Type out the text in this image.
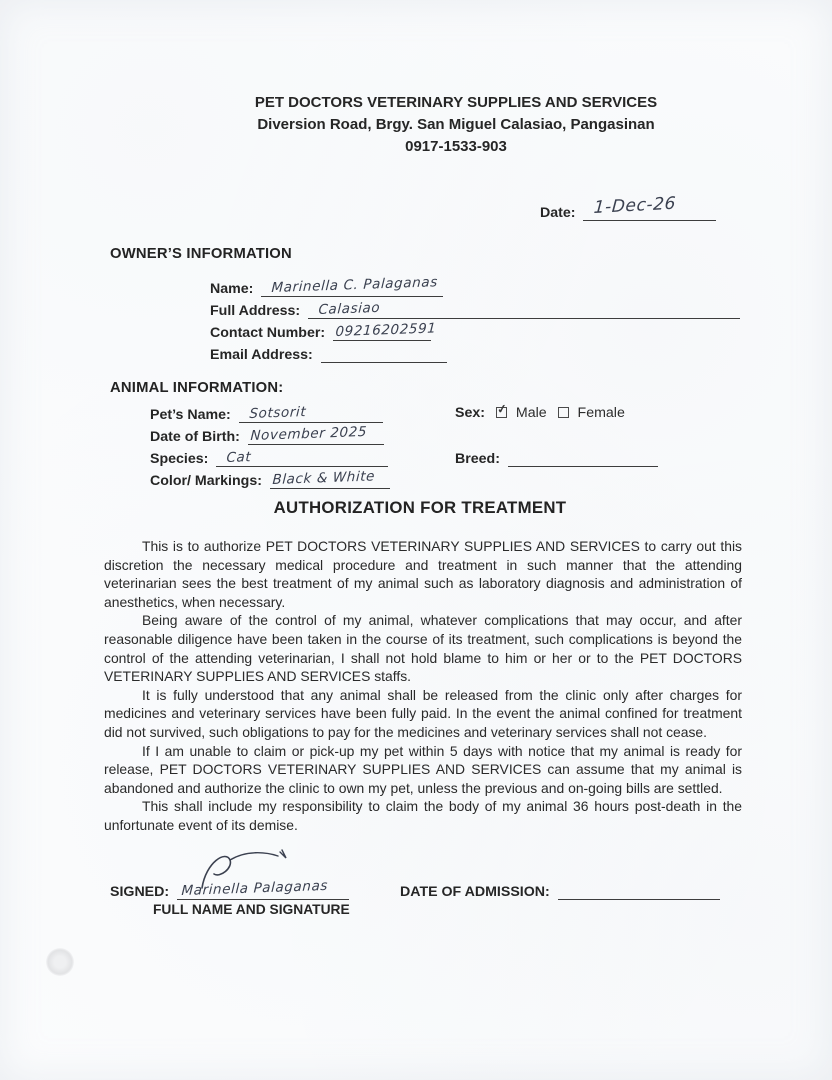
PET DOCTORS VETERINARY SUPPLIES AND SERVICES
Diversion Road, Brgy. San Miguel Calasiao, Pangasinan
0917-1533-903
Date: 1-Dec-26
OWNER’S INFORMATION
Name: Marinella C. Palaganas
Full Address: Calasiao
Contact Number: 09216202591
Email Address:
ANIMAL INFORMATION:
Pet’s Name: Sotsorit
Date of Birth: November 2025
Species: Cat
Color/ Markings: Black & White
Sex: ✓ Male Female
Breed:
AUTHORIZATION FOR TREATMENT

This is to authorize PET DOCTORS VETERINARY SUPPLIES AND SERVICES to carry out this discretion the necessary medical procedure and treatment in such manner that the attending veterinarian sees the best treatment of my animal such as laboratory diagnosis and administration of anesthetics, when necessary.

Being aware of the control of my animal, whatever complications that may occur, and after reasonable diligence have been taken in the course of its treatment, such complications is beyond the control of the attending veterinarian, I shall not hold blame to him or her or to the PET DOCTORS VETERINARY SUPPLIES AND SERVICES staffs.

It is fully understood that any animal shall be released from the clinic only after charges for medicines and veterinary services have been fully paid. In the event the animal confined for treatment did not survived, such obligations to pay for the medicines and veterinary services shall not cease.

If I am unable to claim or pick-up my pet within 5 days with notice that my animal is ready for release, PET DOCTORS VETERINARY SUPPLIES AND SERVICES can assume that my animal is abandoned and authorize the clinic to own my pet, unless the previous and on-going bills are settled.

This shall include my responsibility to claim the body of my animal 36 hours post-death in the unfortunate event of its demise.

SIGNED: Marinella Palaganas
FULL NAME AND SIGNATURE
DATE OF ADMISSION:
